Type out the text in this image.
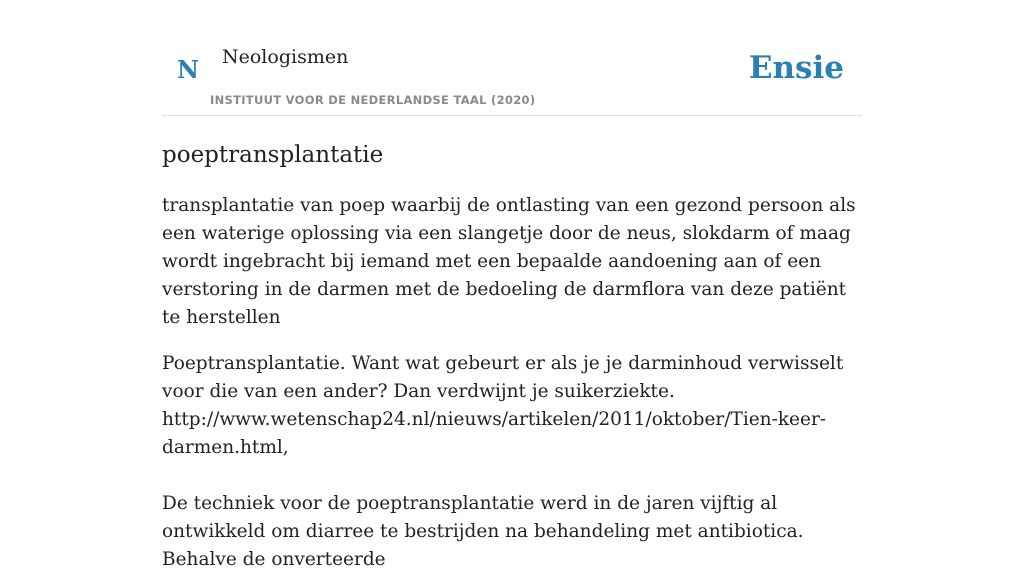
N Neologismen
INSTITUUT VOOR DE NEDERLANDSE TAAL (2020)
Ensie
poeptransplantatie

transplantatie van poep waarbij de ontlasting van een gezond persoon als een waterige oplossing via een slangetje door de neus, slokdarm of maag wordt ingebracht bij iemand met een bepaalde aandoening aan of een verstoring in de darmen met de bedoeling de darmflora van deze patiënt te herstellen

Poeptransplantatie. Want wat gebeurt er als je je darminhoud verwisselt voor die van een ander? Dan verdwijnt je suikerziekte. http://www.wetenschap24.nl/nieuws/artikelen/2011/oktober/Tien-keer-darmen.html,

De techniek voor de poeptransplantatie werd in de jaren vijftig al ontwikkeld om diarree te bestrijden na behandeling met antibiotica. Behalve de onverteerde
